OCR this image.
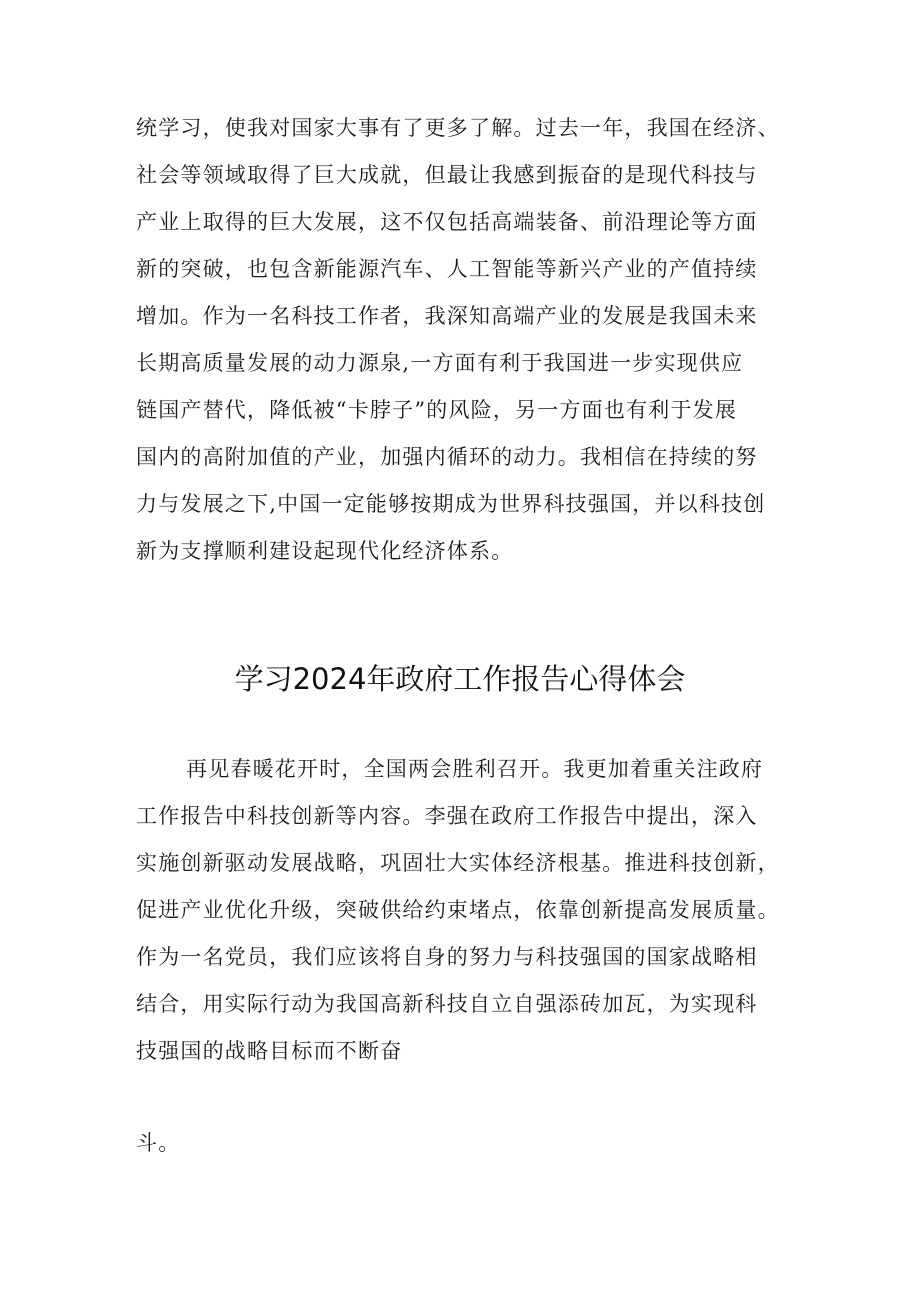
统学习，使我对国家大事有了更多了解。过去一年，我国在经济、
社会等领域取得了巨大成就，但最让我感到振奋的是现代科技与
产业上取得的巨大发展，这不仅包括高端装备、前沿理论等方面
新的突破，也包含新能源汽车、人工智能等新兴产业的产值持续
增加。作为一名科技工作者，我深知高端产业的发展是我国未来
长期高质量发展的动力源泉,一方面有利于我国进一步实现供应
链国产替代，降低被“卡脖子”的风险，另一方面也有利于发展
国内的高附加值的产业，加强内循环的动力。我相信在持续的努
力与发展之下,中国一定能够按期成为世界科技强国，并以科技创
新为支撑顺利建设起现代化经济体系。
学习2024年政府工作报告心得体会
再见春暖花开时，全国两会胜利召开。我更加着重关注政府
工作报告中科技创新等内容。李强在政府工作报告中提出，深入
实施创新驱动发展战略，巩固壮大实体经济根基。推进科技创新，
促进产业优化升级，突破供给约束堵点，依靠创新提高发展质量。
作为一名党员，我们应该将自身的努力与科技强国的国家战略相
结合，用实际行动为我国高新科技自立自强添砖加瓦，为实现科
技强国的战略目标而不断奋
斗。
